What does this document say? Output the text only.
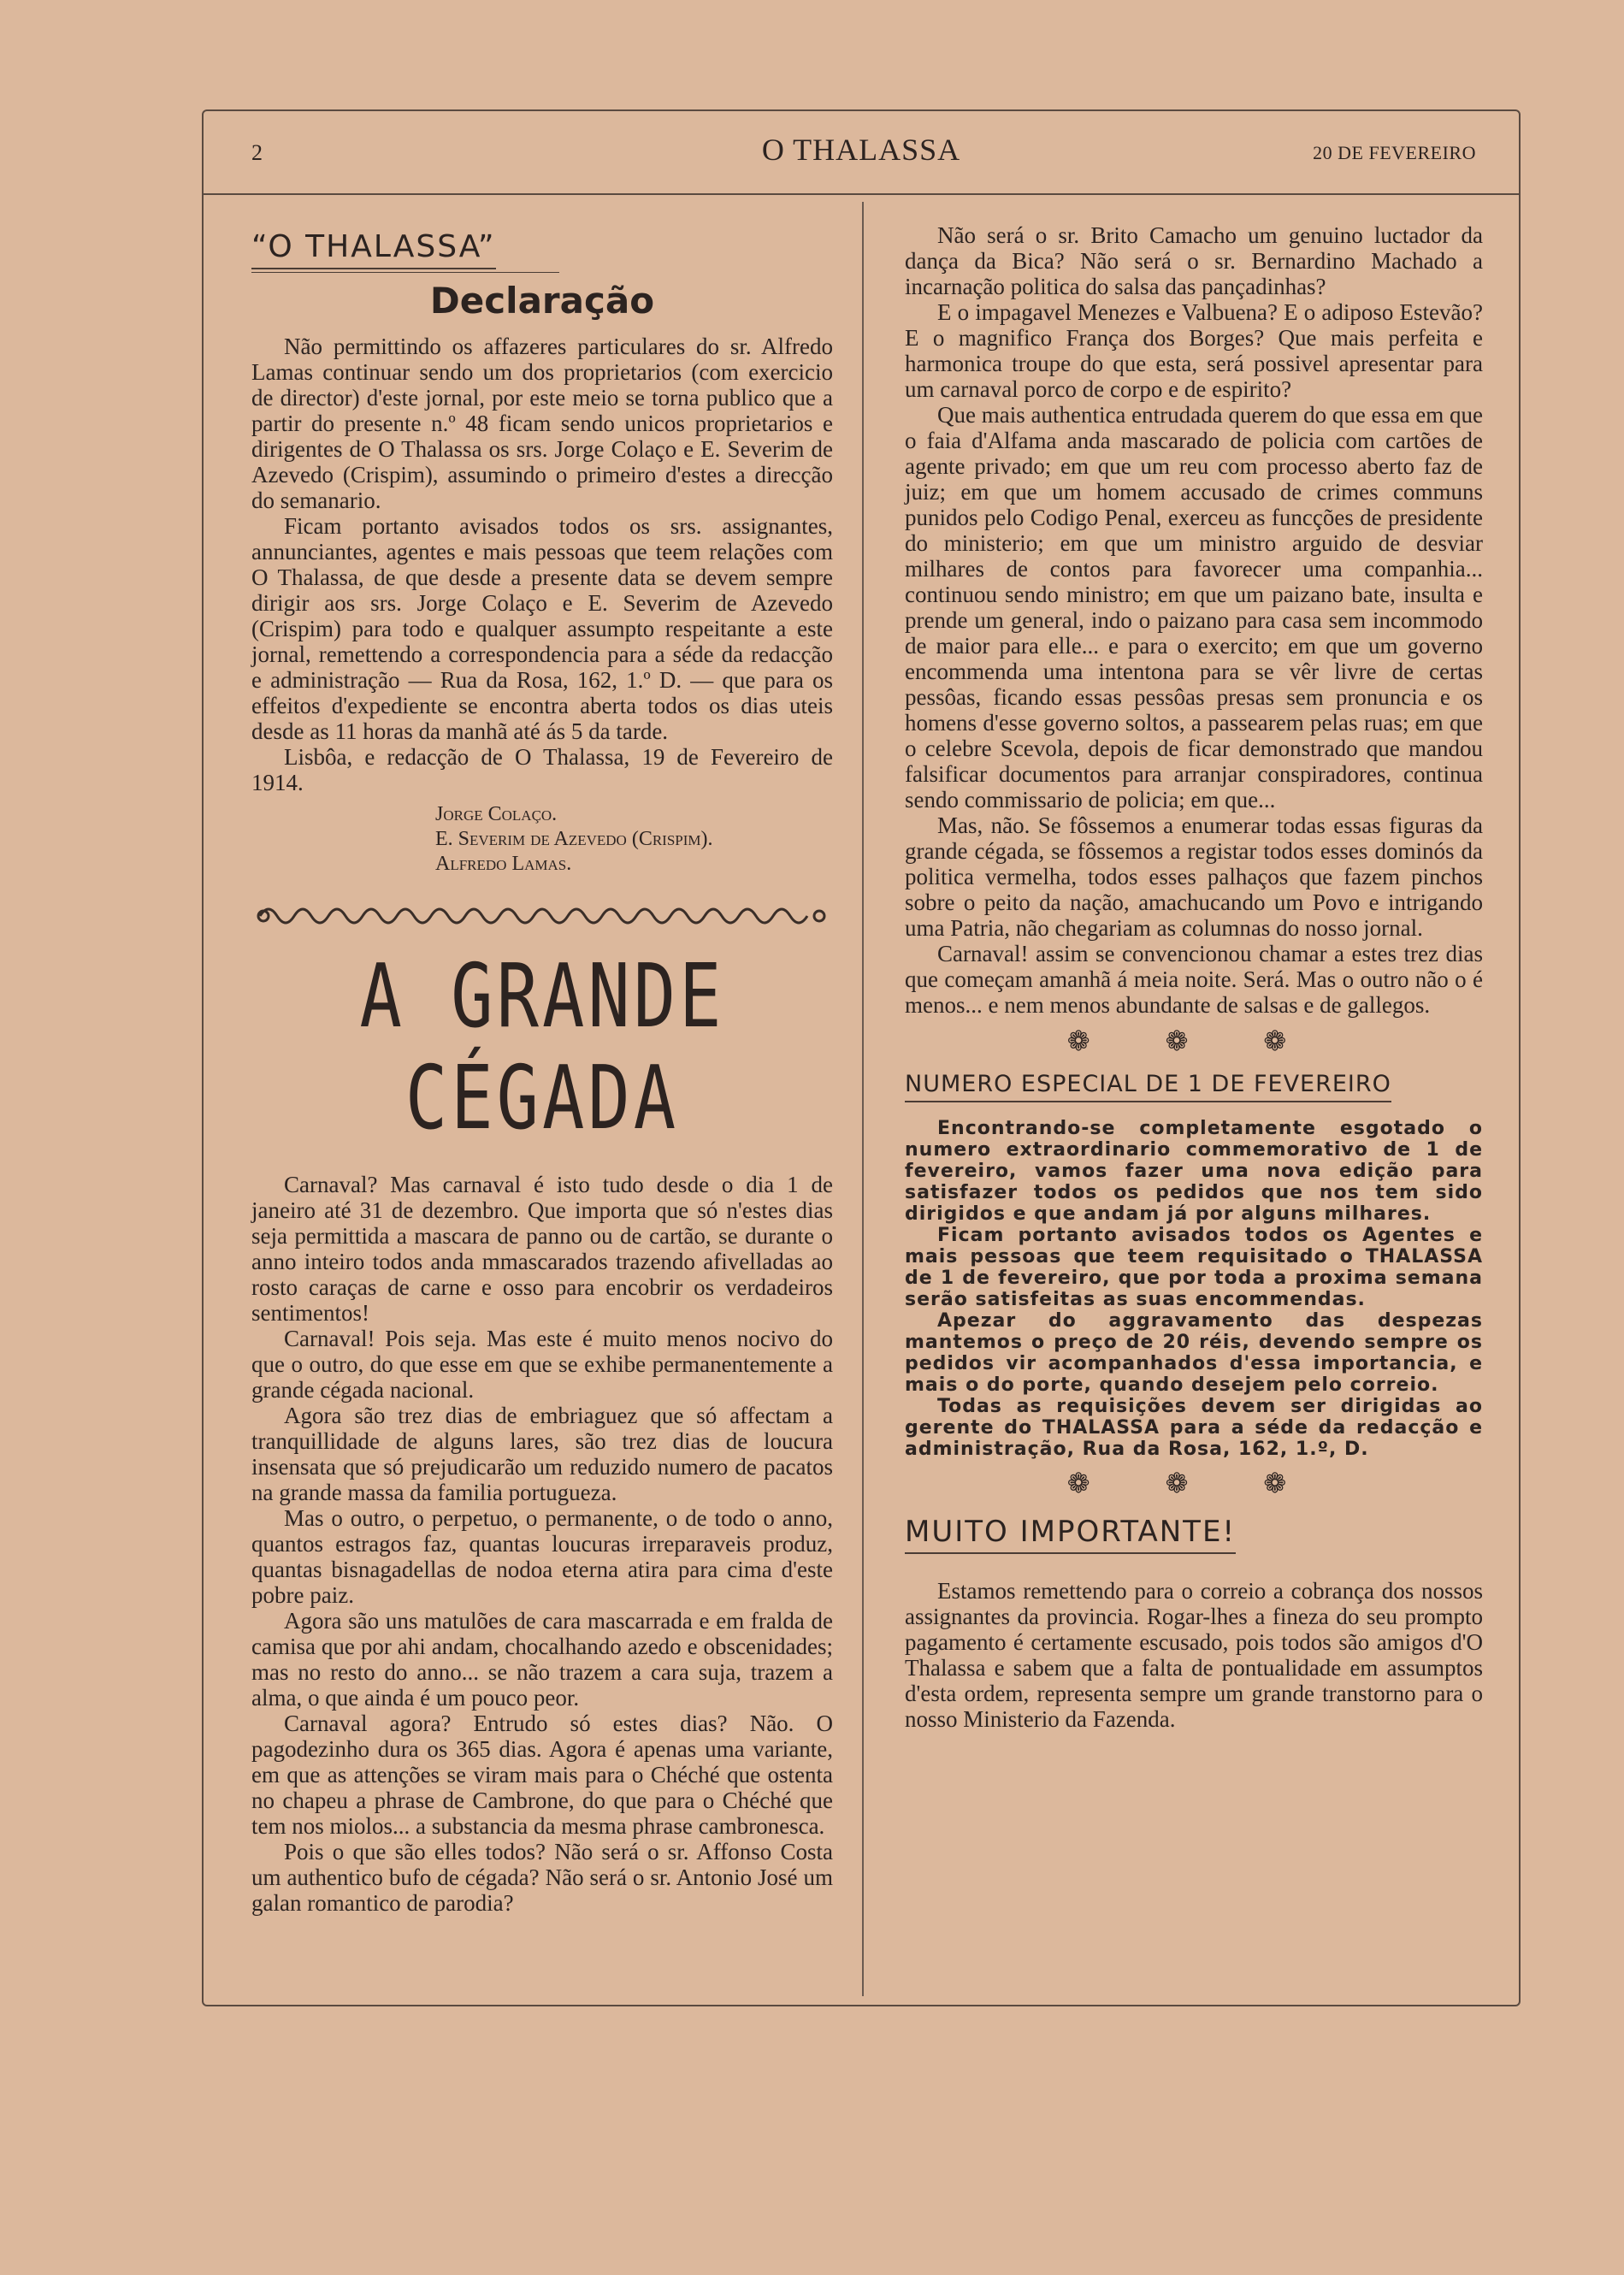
2	O THALASSA	20 DE FEVEREIRO
“O THALASSA”
Declaração

Não permittindo os affazeres particulares do sr. Alfredo Lamas continuar sendo um dos proprietarios (com exercicio de director) d'este jornal, por este meio se torna publico que a partir do presente n.º 48 ficam sendo unicos proprietarios e dirigentes de O Thalassa os srs. Jorge Colaço e E. Severim de Azevedo (Crispim), assumindo o primeiro d'estes a direcção do semanario.

Ficam portanto avisados todos os srs. assignantes, annunciantes, agentes e mais pessoas que teem relações com O Thalassa, de que desde a presente data se devem sempre dirigir aos srs. Jorge Colaço e E. Severim de Azevedo (Crispim) para todo e qualquer assumpto respeitante a este jornal, remettendo a correspondencia para a séde da redacção e administração — Rua da Rosa, 162, 1.º D. — que para os effeitos d'expediente se encontra aberta todos os dias uteis desde as 11 horas da manhã até ás 5 da tarde.

Lisbôa, e redacção de O Thalassa, 19 de Fevereiro de 1914.

Jorge Colaço.
E. Severim de Azevedo (Crispim).
Alfredo Lamas.
A GRANDE CÉGADA

Carnaval? Mas carnaval é isto tudo desde o dia 1 de janeiro até 31 de dezembro. Que importa que só n'estes dias seja permittida a mascara de panno ou de cartão, se durante o anno inteiro todos anda mmascarados trazendo afivelladas ao rosto caraças de carne e osso para encobrir os verdadeiros sentimentos!

Carnaval! Pois seja. Mas este é muito menos nocivo do que o outro, do que esse em que se exhibe permanentemente a grande cégada nacional.

Agora são trez dias de embriaguez que só affectam a tranquillidade de alguns lares, são trez dias de loucura insensata que só prejudicarão um reduzido numero de pacatos na grande massa da familia portugueza.

Mas o outro, o perpetuo, o permanente, o de todo o anno, quantos estragos faz, quantas loucuras irreparaveis produz, quantas bisnagadellas de nodoa eterna atira para cima d'este pobre paiz.

Agora são uns matulões de cara mascarrada e em fralda de camisa que por ahi andam, chocalhando azedo e obscenidades; mas no resto do anno... se não trazem a cara suja, trazem a alma, o que ainda é um pouco peor.

Carnaval agora? Entrudo só estes dias? Não. O pagodezinho dura os 365 dias. Agora é apenas uma variante, em que as attenções se viram mais para o Chéché que ostenta no chapeu a phrase de Cambrone, do que para o Chéché que tem nos miolos... a substancia da mesma phrase cambronesca.

Pois o que são elles todos? Não será o sr. Affonso Costa um authentico bufo de cégada? Não será o sr. Antonio José um galan romantico de parodia?

Não será o sr. Brito Camacho um genuino luctador da dança da Bica? Não será o sr. Bernardino Machado a incarnação politica do salsa das pançadinhas?

E o impagavel Menezes e Valbuena? E o adiposo Estevão? E o magnifico França dos Borges? Que mais perfeita e harmonica troupe do que esta, será possivel apresentar para um carnaval porco de corpo e de espirito?

Que mais authentica entrudada querem do que essa em que o faia d'Alfama anda mascarado de policia com cartões de agente privado; em que um reu com processo aberto faz de juiz; em que um homem accusado de crimes communs punidos pelo Codigo Penal, exerceu as funcções de presidente do ministerio; em que um ministro arguido de desviar milhares de contos para favorecer uma companhia... continuou sendo ministro; em que um paizano bate, insulta e prende um general, indo o paizano para casa sem incommodo de maior para elle... e para o exercito; em que um governo encommenda uma intentona para se vêr livre de certas pessôas, ficando essas pessôas presas sem pronuncia e os homens d'esse governo soltos, a passearem pelas ruas; em que o celebre Scevola, depois de ficar demonstrado que mandou falsificar documentos para arranjar conspiradores, continua sendo commissario de policia; em que...

Mas, não. Se fôssemos a enumerar todas essas figuras da grande cégada, se fôssemos a registar todos esses dominós da politica vermelha, todos esses palhaços que fazem pinchos sobre o peito da nação, amachucando um Povo e intrigando uma Patria, não chegariam as columnas do nosso jornal.

Carnaval! assim se convencionou chamar a estes trez dias que começam amanhã á meia noite. Será. Mas o outro não o é menos... e nem menos abundante de salsas e de gallegos.

❁ ❁ ❁
NUMERO ESPECIAL DE 1 DE FEVEREIRO

Encontrando-se completamente esgotado o numero extraordinario commemorativo de 1 de fevereiro, vamos fazer uma nova edição para satisfazer todos os pedidos que nos tem sido dirigidos e que andam já por alguns milhares.

Ficam portanto avisados todos os Agentes e mais pessoas que teem requisitado o THALASSA de 1 de fevereiro, que por toda a proxima semana serão satisfeitas as suas encommendas.

Apezar do aggravamento das despezas mantemos o preço de 20 réis, devendo sempre os pedidos vir acompanhados d'essa importancia, e mais o do porte, quando desejem pelo correio.

Todas as requisições devem ser dirigidas ao gerente do THALASSA para a séde da redacção e administração, Rua da Rosa, 162, 1.º, D.

❁ ❁ ❁
MUITO IMPORTANTE!

Estamos remettendo para o correio a cobrança dos nossos assignantes da provincia. Rogar-lhes a fineza do seu prompto pagamento é certamente escusado, pois todos são amigos d'O Thalassa e sabem que a falta de pontualidade em assumptos d'esta ordem, representa sempre um grande transtorno para o nosso Ministerio da Fazenda.
